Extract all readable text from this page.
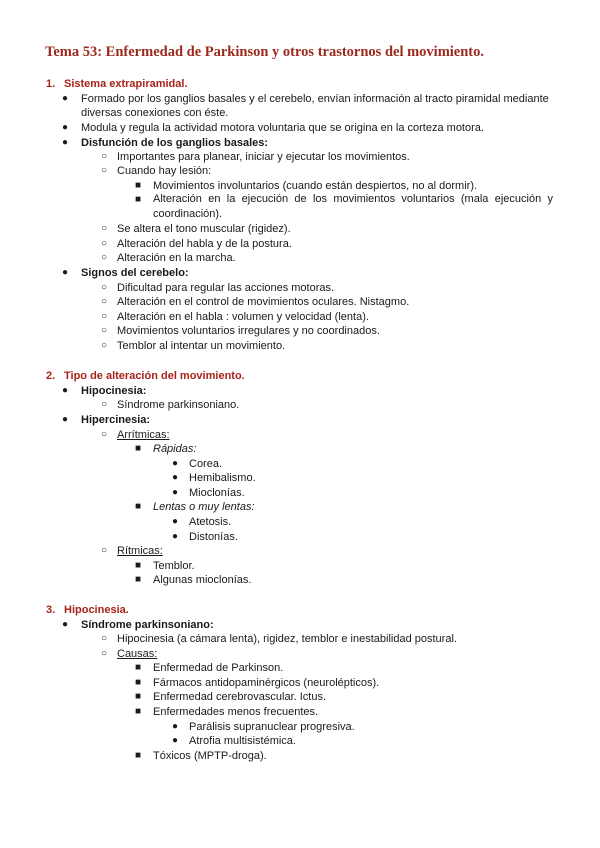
Tema 53: Enfermedad de Parkinson y otros trastornos del movimiento.
1. Sistema extrapiramidal.
● Formado por los ganglios basales y el cerebelo, envían información al tracto piramidal mediante
diversas conexiones con éste.
● Modula y regula la actividad motora voluntaria que se origina en la corteza motora.
● Disfunción de los ganglios basales:
○ Importantes para planear, iniciar y ejecutar los movimientos.
○ Cuando hay lesión:
■ Movimientos involuntarios (cuando están despiertos, no al dormir).
■ Alteración en la ejecución de los movimientos voluntarios (mala ejecución y coordinación).
○ Se altera el tono muscular (rigidez).
○ Alteración del habla y de la postura.
○ Alteración en la marcha.
● Signos del cerebelo:
○ Dificultad para regular las acciones motoras.
○ Alteración en el control de movimientos oculares. Nistagmo.
○ Alteración en el habla : volumen y velocidad (lenta).
○ Movimientos voluntarios irregulares y no coordinados.
○ Temblor al intentar un movimiento.
2. Tipo de alteración del movimiento.
● Hipocinesia:
○ Síndrome parkinsoniano.
● Hipercinesia:
○ Arrítmicas:
■ Rápidas:
● Corea.
● Hemibalismo.
● Mioclonías.
■ Lentas o muy lentas:
● Atetosis.
● Distonías.
○ Rítmicas:
■ Temblor.
■ Algunas mioclonías.
3. Hipocinesia.
● Síndrome parkinsoniano:
○ Hipocinesia (a cámara lenta), rigidez, temblor e inestabilidad postural.
○ Causas:
■ Enfermedad de Parkinson.
■ Fármacos antidopaminérgicos (neurolépticos).
■ Enfermedad cerebrovascular. Ictus.
■ Enfermedades menos frecuentes.
● Parálisis supranuclear progresiva.
● Atrofia multisistémica.
■ Tóxicos (MPTP-droga).
